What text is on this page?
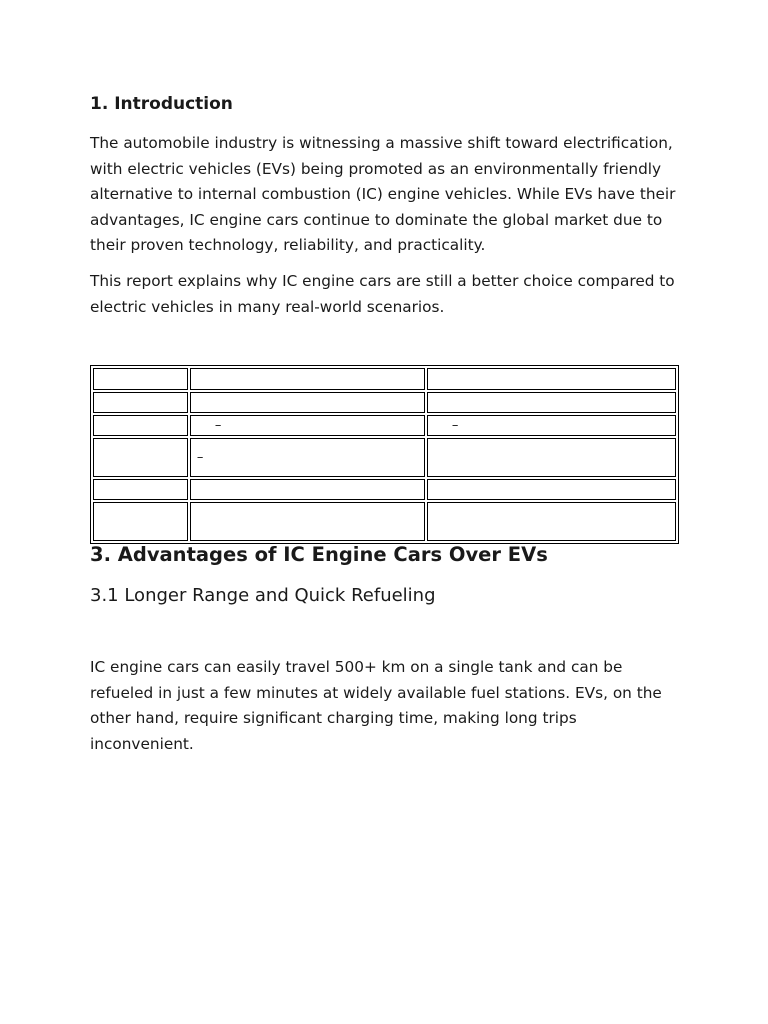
1. Introduction

The automobile industry is witnessing a massive shift toward electrification, with electric vehicles (EVs) being promoted as an environmentally friendly alternative to internal combustion (IC) engine vehicles. While EVs have their advantages, IC engine cars continue to dominate the global market due to their proven technology, reliability, and practicality.

This report explains why IC engine cars are still a better choice compared to electric vehicles in many real-world scenarios.

	–	–
	–	

3. Advantages of IC Engine Cars Over EVs
3.1 Longer Range and Quick Refueling

IC engine cars can easily travel 500+ km on a single tank and can be refueled in just a few minutes at widely available fuel stations. EVs, on the other hand, require significant charging time, making long trips inconvenient.
